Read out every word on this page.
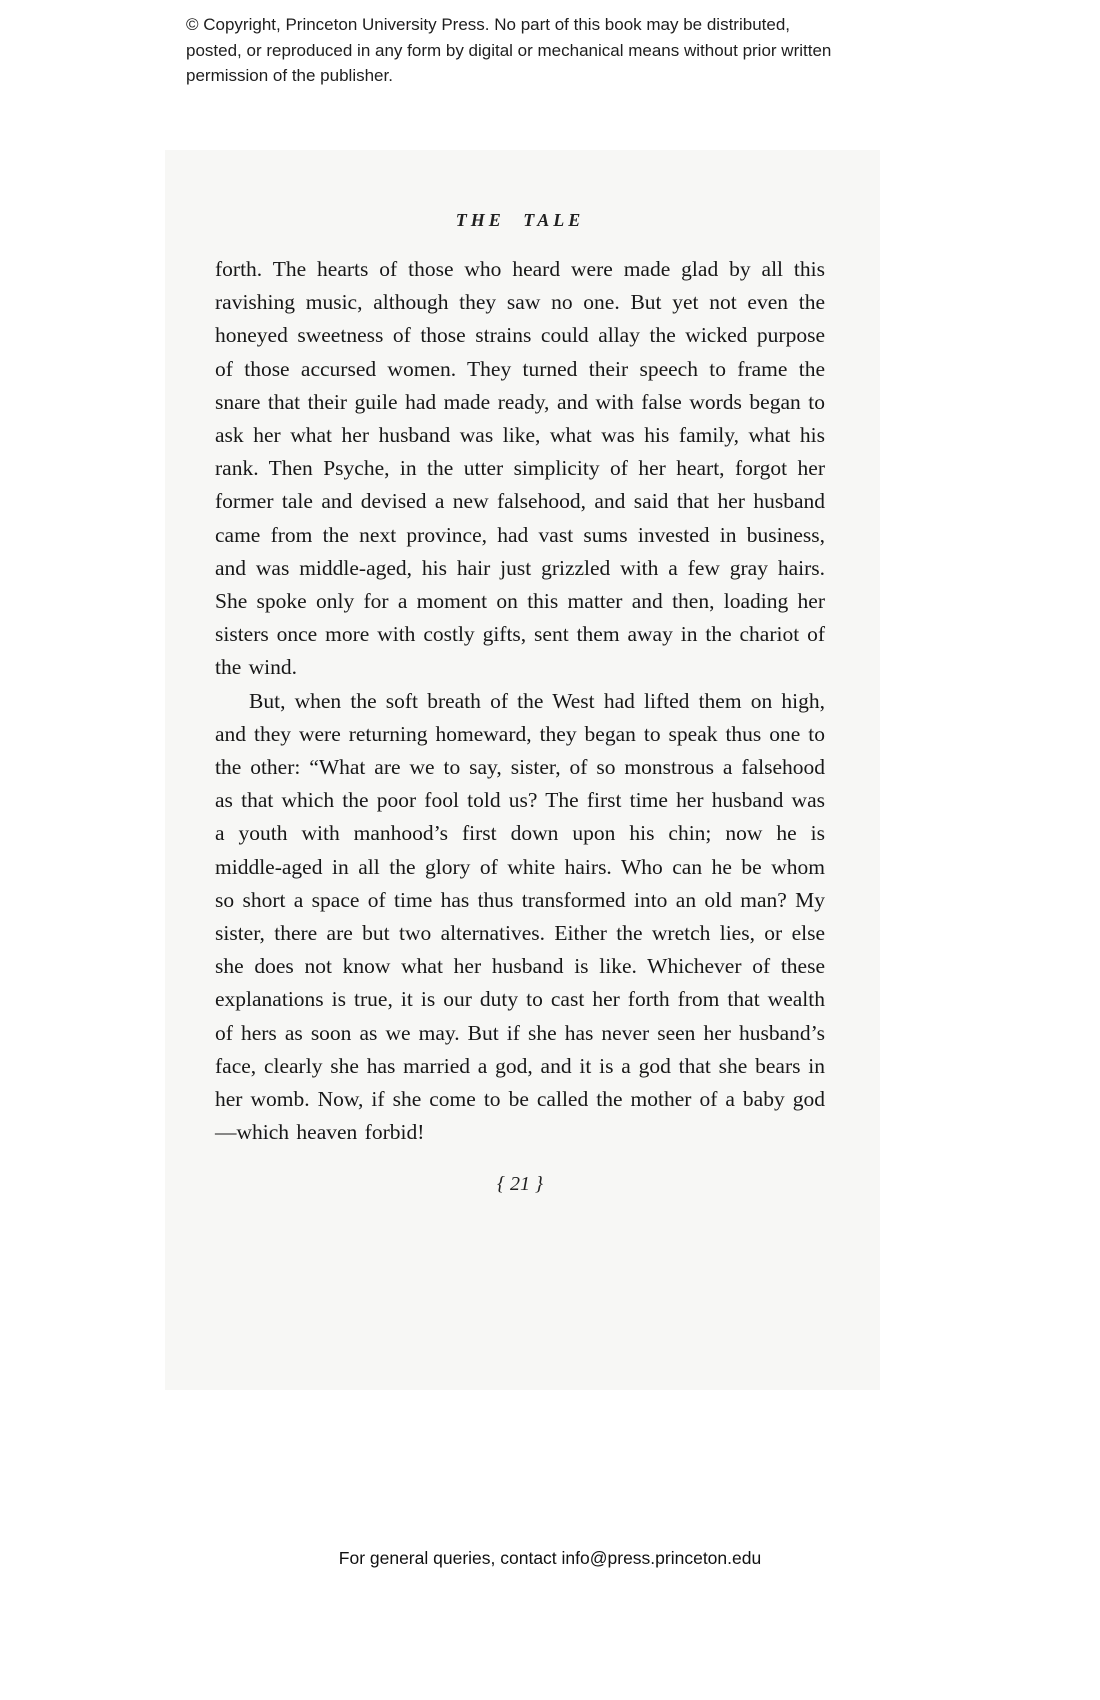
© Copyright, Princeton University Press. No part of this book may be distributed, posted, or reproduced in any form by digital or mechanical means without prior written permission of the publisher.
THE TALE

forth. The hearts of those who heard were made glad by all this ravishing music, although they saw no one. But yet not even the honeyed sweetness of those strains could allay the wicked purpose of those accursed women. They turned their speech to frame the snare that their guile had made ready, and with false words began to ask her what her husband was like, what was his family, what his rank. Then Psyche, in the utter simplicity of her heart, forgot her former tale and devised a new falsehood, and said that her husband came from the next province, had vast sums invested in business, and was middle-aged, his hair just grizzled with a few gray hairs. She spoke only for a moment on this matter and then, loading her sisters once more with costly gifts, sent them away in the chariot of the wind.

But, when the soft breath of the West had lifted them on high, and they were returning homeward, they began to speak thus one to the other: “What are we to say, sister, of so monstrous a falsehood as that which the poor fool told us? The first time her husband was a youth with manhood’s first down upon his chin; now he is middle-aged in all the glory of white hairs. Who can he be whom so short a space of time has thus transformed into an old man? My sister, there are but two alternatives. Either the wretch lies, or else she does not know what her husband is like. Whichever of these explanations is true, it is our duty to cast her forth from that wealth of hers as soon as we may. But if she has never seen her husband’s face, clearly she has married a god, and it is a god that she bears in her womb. Now, if she come to be called the mother of a baby god—which heaven forbid!

{ 21 }
For general queries, contact info@press.princeton.edu
